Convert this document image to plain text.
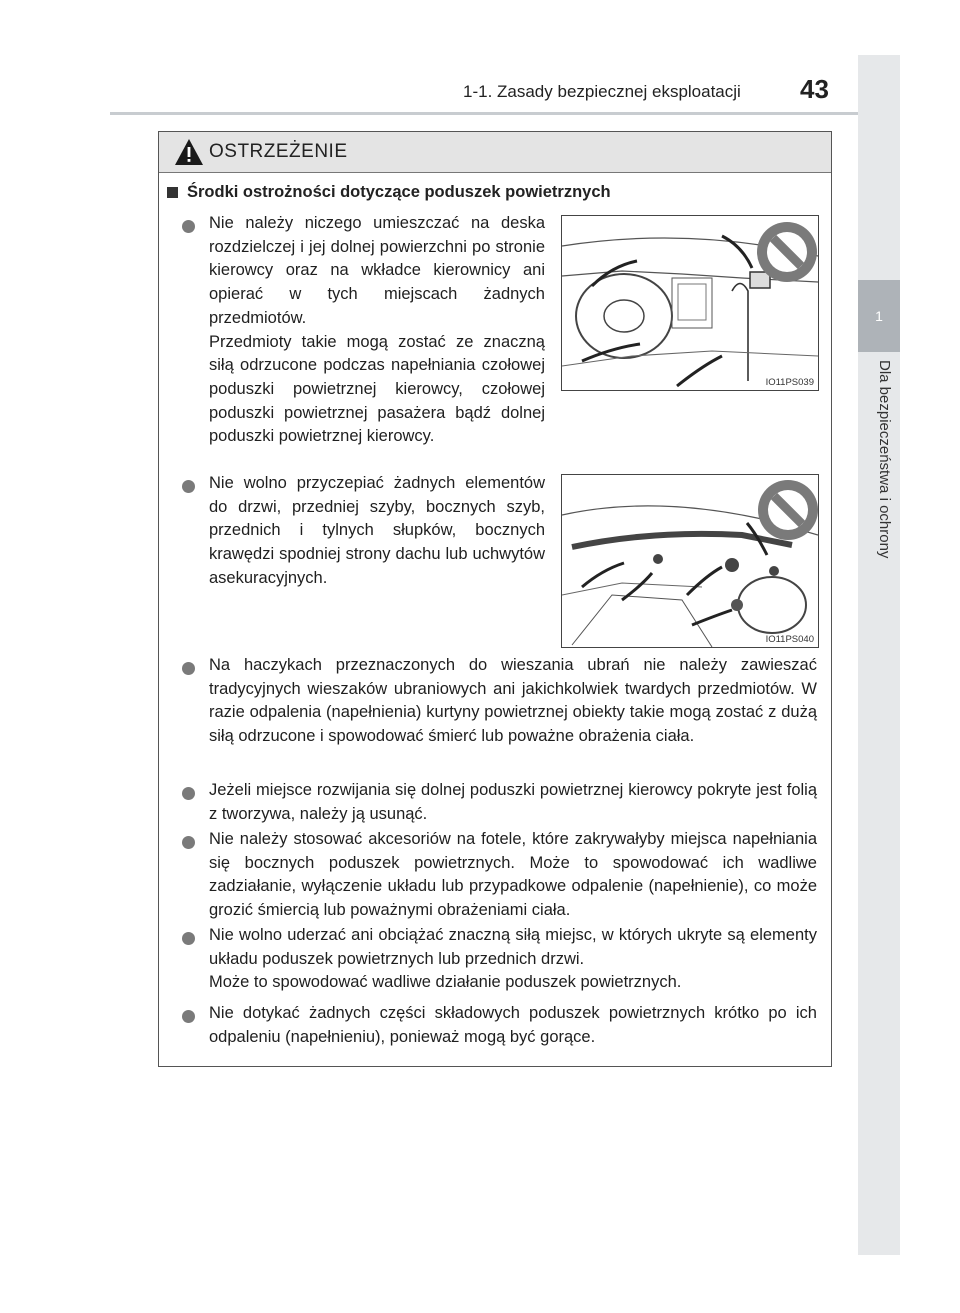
1-1. Zasady bezpiecznej eksploatacji 43
1
Dla bezpieczeństwa i ochrony
OSTRZEŻENIE
Środki ostrożności dotyczące poduszek powietrznych
Nie należy niczego umieszczać na deska rozdzielczej i jej dolnej powierzchni po stronie kierowcy oraz na wkładce kierownicy ani opierać w tych miejscach żadnych przedmiotów.
Przedmioty takie mogą zostać ze znaczną siłą odrzucone podczas napełniania czołowej poduszki powietrznej kierowcy, czołowej poduszki powietrznej pasażera bądź dolnej poduszki powietrznej kierowcy.
IO11PS039
Nie wolno przyczepiać żadnych elementów do drzwi, przedniej szyby, bocznych szyb, przednich i tylnych słupków, bocznych krawędzi spodniej strony dachu lub uchwytów asekuracyjnych.
IO11PS040
Na haczykach przeznaczonych do wieszania ubrań nie należy zawieszać tradycyjnych wieszaków ubraniowych ani jakichkolwiek twardych przedmiotów. W razie odpalenia (napełnienia) kurtyny powietrznej obiekty takie mogą zostać z dużą siłą odrzucone i spowodować śmierć lub poważne obrażenia ciała.
Jeżeli miejsce rozwijania się dolnej poduszki powietrznej kierowcy pokryte jest folią z tworzywa, należy ją usunąć.
Nie należy stosować akcesoriów na fotele, które zakrywałyby miejsca napełniania się bocznych poduszek powietrznych. Może to spowodować ich wadliwe zadziałanie, wyłączenie układu lub przypadkowe odpalenie (napełnienie), co może grozić śmiercią lub poważnymi obrażeniami ciała.
Nie wolno uderzać ani obciążać znaczną siłą miejsc, w których ukryte są elementy układu poduszek powietrznych lub przednich drzwi.
Może to spowodować wadliwe działanie poduszek powietrznych.
Nie dotykać żadnych części składowych poduszek powietrznych krótko po ich odpaleniu (napełnieniu), ponieważ mogą być gorące.
